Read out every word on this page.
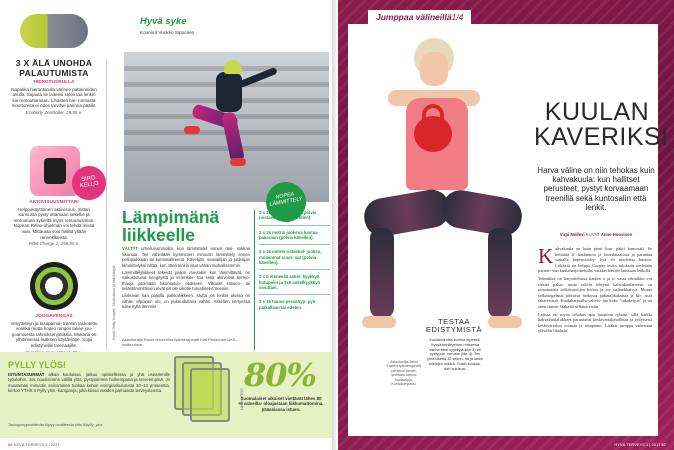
3 X ÄLÄ UNOHDA PALAUTUMISTA
HIEROTUSRULLA
Napakka hierontarulla värinee patteineiden avulla. Sujauta se laiteesi sekin taa lenkin koi rentouttamaan. Lihasten hie- ronnasta moottoreita ei edes tarvitse pannna päälle.
Ecobody ZenRoller, 29,95 e.
SIRO KELLO
AKTIIVISUUSMITTARI
Helppokäyttöinen aktiivisuus- mittari kannusta pysty ottamaan sekellie ja rentoutuen syketitä myös rentoutusmian. Nopean Relax-ohjelman voi tehdä missä vain. Mittausta voin hallita yllään ranneklkeista.
Fitbit Charge 2, 158,95 e.
JOOGAVENGAS
Venytteleyn ja tasapainoi- treenin taskotettu vonkka mutta kopeo renges takee jou- goamisesta rahmiksenjottiksia. Mukana on ylhöinneisia lisäksen käytäviöpe. Sopii edistyneille treenaajille.
Kuvat Getty Images, Studiostock ja valmistajat
Hyvä syke
Koonnut Vuokko Sipponen
NOPEA LÄMMITTELY
Lämpimänä liikkeelle

VÄLTYT urheiluvammoilta, kun lämmittelet ennen rasi- sokkaa liikuntaa. Tee vähintään kymmenen minuutin lämmittely ennen pelinpaikkaan tai kuntosalitreenä. Kävelijän, sauvailijan ja juoksijan lämmittelyksi riittää, kun otteo lenkin alun vähän rauhallisemmin.

Lämmittelyliikkeet tekevät paljon muutakin kun lämmittävät, ne valkustutuvat hengitystä ja verenkier- toa sekä aktivoivat hermo-thauja jotoimään liikuntasuo- ritukseen. Vilkaset sitseen- tai seläntämmittimen eivät sis ole oikotie turvalliseen treeniin.

Liikkuvan saa paljolla paikkaliikkeen. Mutta jos lenkin alussa on vähän vilpoinen olo, on pukeuduttava vähän. Askelten kertyessä tulee kyllä lämmin!

Asiantuntija Raoul Harschilm fysioterapeutti Kati Peasonen UKK-instituutista.
3 x 15 metrin juoksua polvia nostaen (polvia kävellen).
3 x 15 metrin juoksua kantaa pakaraan (polvia kävellen).
3 x 15 metrin ristaskel- juoksu, molemmat suun- nat (polvia kävellen).
3 x 6 etenevää askel- kyykkyä kutupeiin ja 3x6 askelkyykkyä sivuttain.
3 x 15 hauva perushyp- pyä paikallaan tai edeten.
PYLLY YLÖS!
ISTUNTASURMAT alkaa kouluissa, jatkuu opiskelleissa ja yhä useammille työuloihin. Jos nousisimme välillä ylös, pystyisimme hoikempana ja terveempinä. Jo muutaman minuutin seisominen tuokaa kehon energiankulutusta 10–13 prosenttia, kertoo YTHS:n Pylly ylös -kampanja, joka kiissa vuoden parhaasta terveysteosta.
Taukojumppavideoita löytyy osoitteesta yths.fi/pylly_ylos
Lähde: YTHS
80%
Suomalaiset aikuiset viettävät lähes 80 % valveilla- oloajastaan liikkumattomina, pääasiassa istuen.
66 HYVÄ TERVEYS 1 | 2017
Jumppaa välineillä1/4
TESTAA EDISTYMISTÄ
Kuulaliuikoilta kuntoa mpeesti. Kysyä kehittymisen mittarina esimerkiksi kyykkyjä ilike 3) tai pystypun- nerusta (like 4). Tee yhtä liikettä 30 sekun- tia ja laske toistojen määrä. Toista kuukau- den kuluttua.
Asiantuntija Jenni Eskelin fysioterapeutti, personal trainer, sertifioitu kahva- kuulavitpjä, Kuntokompassi.
KUULAN KAVERIKSI
Harva väline on niin tehokas kuin kahvakuula: kun hallitset perusteet, pystyt korvaamaan treenillä sekä kuntosalin että lenkit.
Virpi Mellevi KUVAT Anne Huovinen

Kahvakuula on kuin pieni kun- pakti kuntosali. Se kehittää li- haskuntoa ja koordinaatiota ja parantaa samalla hapenottoky- kyä eli aerobista kuntoa. Liikkeiä on helppo Cooper testin tuloksiin tiedetään parane- van kuulaharjoittelulla, vaikkei käviisi lainkaan lenkillä.

Tekniikka on harjoittelussa kaiken a ja o: vasta tekniikka voi riskita pahat. muta oikein tehtynä kahvakuulatreeni on erinomaista selkävaivojen hoitoa ja en- naltaehkäisyä. Monet selkäongelmat johtuvat heikosta pakaralihaksista ja kii- ristä takareisistä. Kuulaharjoallu vahvis- taa koko "takaketjua" ja on siten täsmä- lääkettä selkäoireisiin.

Lajissa on myös tehokas apu huonoon ryhtiin, sillä kaikki kahvakuulaliikkeet parantavat keskivartalohallinaa ja erityisesti keskivartalon voimaa ja tasapaino. Lisäksi jumppa vahvistaa ylävälin lihaksia.

HYVÄ TERVEYS 1 | 2017 67
